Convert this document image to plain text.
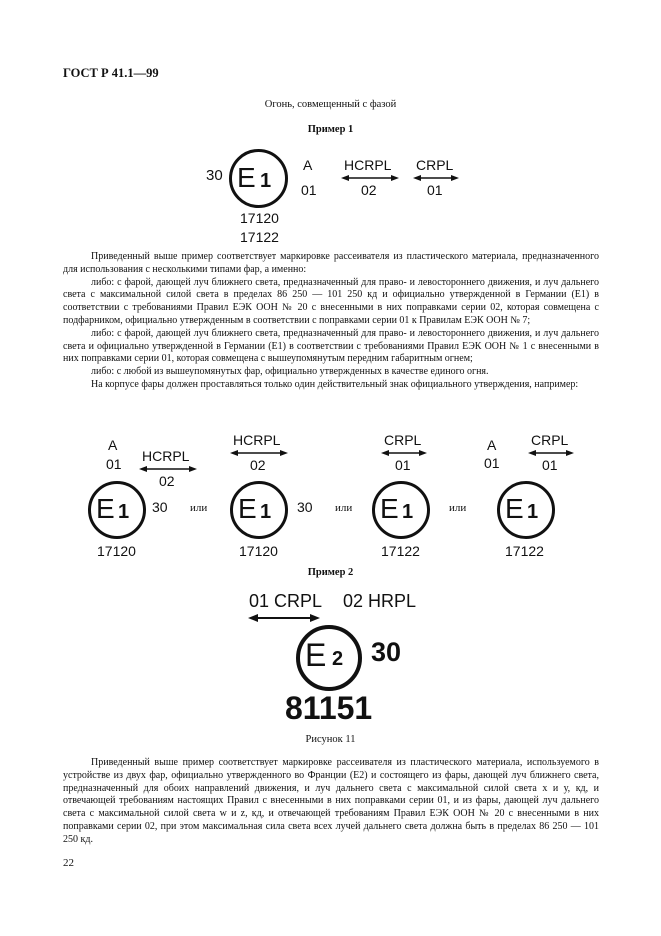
ГОСТ Р 41.1—99
Огонь, совмещенный с фазой
Пример 1
30 E 1
A
01
HCRPL
02
CRPL
01
17120
17122

Приведенный выше пример соответствует маркировке рассеивателя из пластического материала, предназначенного для использования с несколькими типами фар, а именно:

либо: с фарой, дающей луч ближнего света, предназначенный для право- и левостороннего движения, и луч дальнего света с максимальной силой света в пределах 86 250 — 101 250 кд и официально утвержденной в Германии (Е1) в соответствии с требованиями Правил ЕЭК ООН № 20 с внесенными в них поправками серии 02, которая совмещена с подфарником, официально утвержденным в соответствии с поправками серии 01 к Правилам ЕЭК ООН № 7;

либо: с фарой, дающей луч ближнего света, предназначенный для право- и левостороннего движения, и луч дальнего света и официально утвержденной в Германии (Е1) в соответствии с требованиями Правил ЕЭК ООН № 1 с внесенными в них поправками серии 01, которая совмещена с вышеупомянутым передним габаритным огнем;

либо: с любой из вышеупомянутых фар, официально утвержденных в качестве единого огня.

На корпусе фары должен проставляться только один действительный знак официального утверждения, например:

A
01 HCRPL
02
E 1 30
17120
или
HCRPL
02
E 1 30
17120
или
CRPL
01
E 1
17122
или
A
01
CRPL
01
E 1
17122
Пример 2
01 CRPL 02 HRPL
E 2 30
81151
Рисунок 11

Приведенный выше пример соответствует маркировке рассеивателя из пластического материала, используемого в устройстве из двух фар, официально утвержденного во Франции (Е2) и состоящего из фары, дающей луч ближнего света, предназначенный для обоих направлений движения, и луч дальнего света с максимальной силой света х и у, кд, и отвечающей требованиям настоящих Правил с внесенными в них поправками серии 01, и из фары, дающей луч дальнего света с максимальной силой света w и z, кд, и отвечающей требованиям Правил ЕЭК ООН № 20 с внесенными в них поправками серии 02, при этом максимальная сила света всех лучей дальнего света должна быть в пределах 86 250 — 101 250 кд.

22
